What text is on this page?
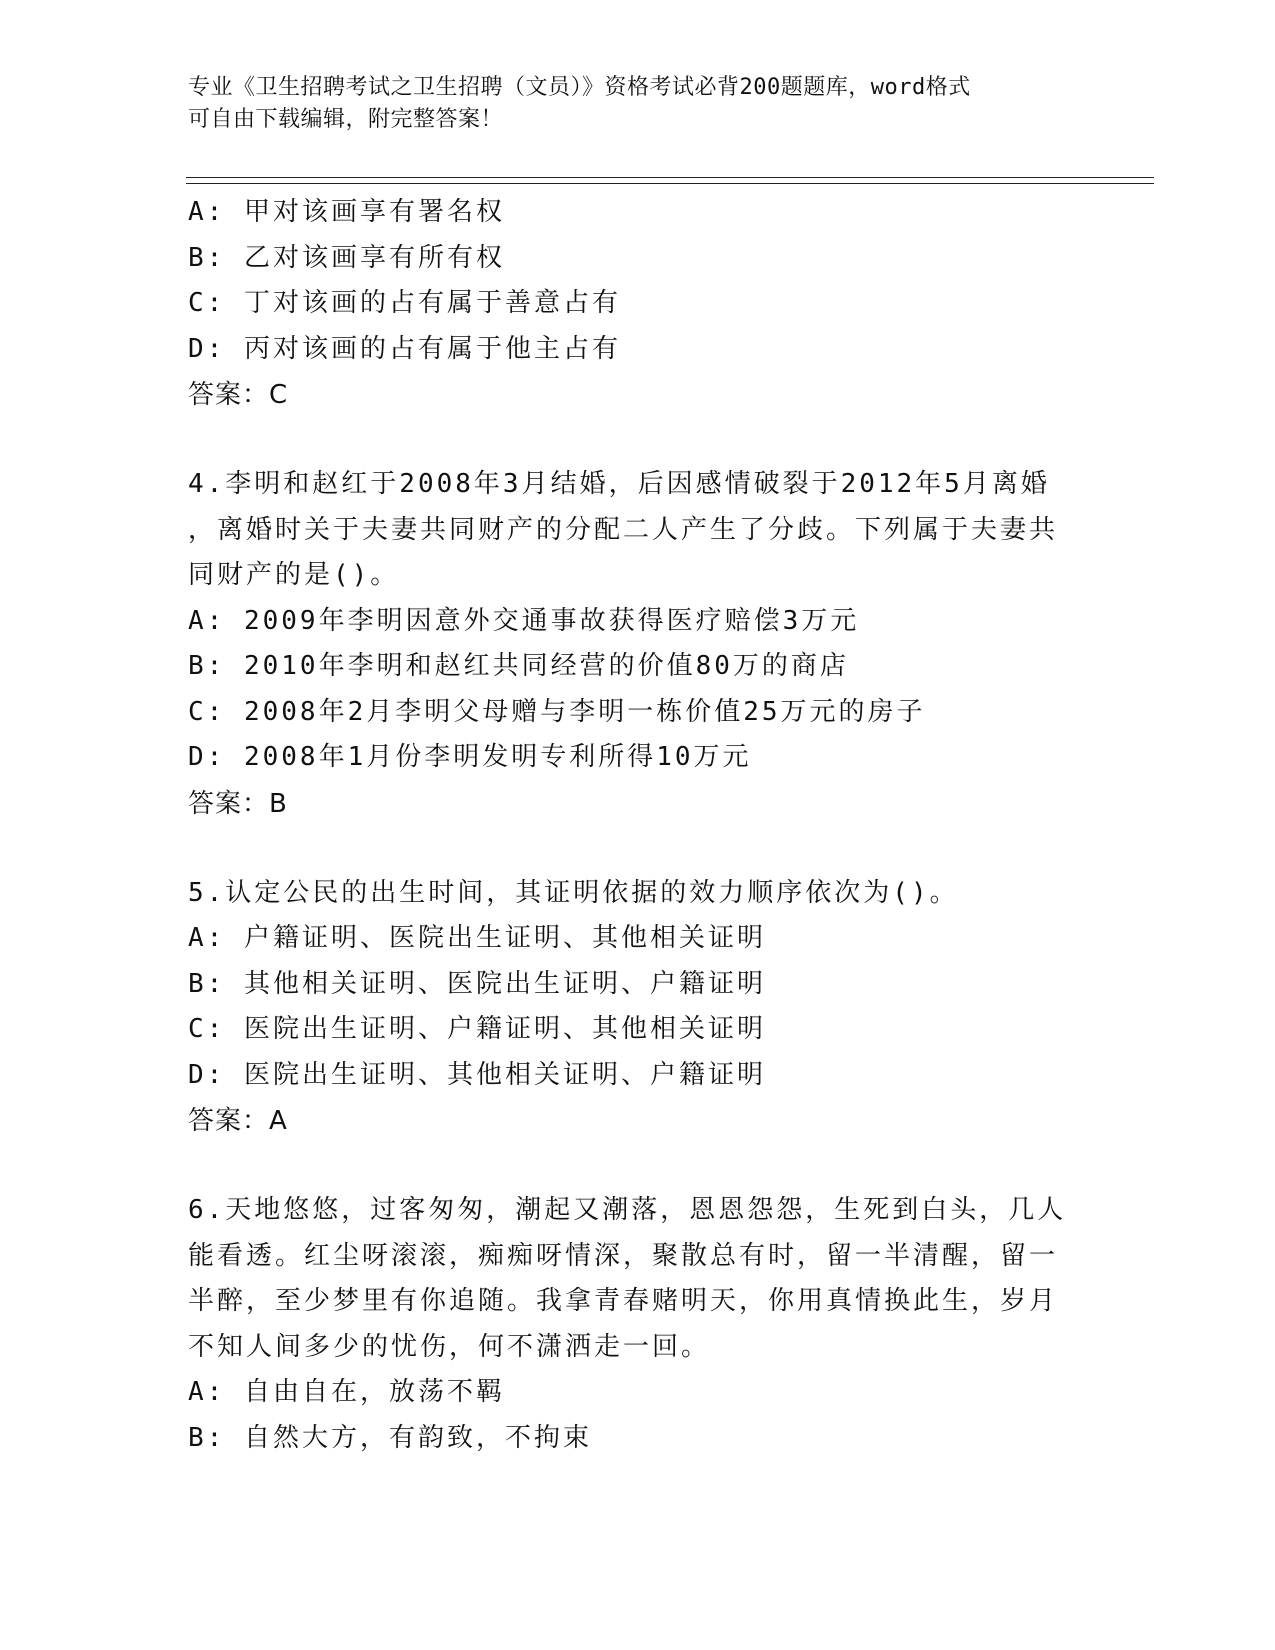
专业《卫生招聘考试之卫生招聘（文员）》资格考试必背200题题库，word格式
可自由下载编辑，附完整答案！
A: 甲对该画享有署名权
B: 乙对该画享有所有权
C: 丁对该画的占有属于善意占有
D: 丙对该画的占有属于他主占有
答案：C
4.李明和赵红于2008年3月结婚，后因感情破裂于2012年5月离婚
，离婚时关于夫妻共同财产的分配二人产生了分歧。下列属于夫妻共
同财产的是()。
A: 2009年李明因意外交通事故获得医疗赔偿3万元
B: 2010年李明和赵红共同经营的价值80万的商店
C: 2008年2月李明父母赠与李明一栋价值25万元的房子
D: 2008年1月份李明发明专利所得10万元
答案：B
5.认定公民的出生时间，其证明依据的效力顺序依次为()。
A: 户籍证明、医院出生证明、其他相关证明
B: 其他相关证明、医院出生证明、户籍证明
C: 医院出生证明、户籍证明、其他相关证明
D: 医院出生证明、其他相关证明、户籍证明
答案：A
6.天地悠悠，过客匆匆，潮起又潮落，恩恩怨怨，生死到白头，几人
能看透。红尘呀滚滚，痴痴呀情深，聚散总有时，留一半清醒，留一
半醉，至少梦里有你追随。我拿青春赌明天，你用真情换此生，岁月
不知人间多少的忧伤，何不潇洒走一回。
A: 自由自在，放荡不羁
B: 自然大方，有韵致，不拘束
